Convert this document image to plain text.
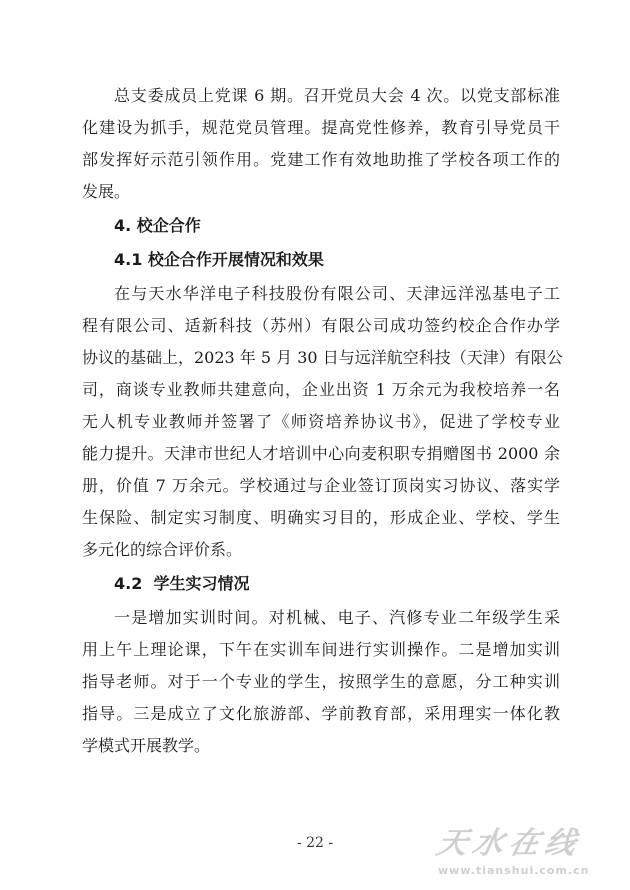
总支委成员上党课 6 期。召开党员大会 4 次。以党支部标准
化建设为抓手，规范党员管理。提高党性修养，教育引导党员干
部发挥好示范引领作用。党建工作有效地助推了学校各项工作的
发展。

4. 校企合作
4.1 校企合作开展情况和效果

在与天水华洋电子科技股份有限公司、天津远洋泓基电子工
程有限公司、适新科技（苏州）有限公司成功签约校企合作办学
协议的基础上，2023 年 5 月 30 日与远洋航空科技（天津）有限公
司，商谈专业教师共建意向，企业出资 1 万余元为我校培养一名
无人机专业教师并签署了《师资培养协议书》，促进了学校专业
能力提升。天津市世纪人才培训中心向麦积职专捐赠图书 2000 余
册，价值 7 万余元。学校通过与企业签订顶岗实习协议、落实学
生保险、制定实习制度、明确实习目的，形成企业、学校、学生
多元化的综合评价系。

4.2  学生实习情况

一是增加实训时间。对机械、电子、汽修专业二年级学生采
用上午上理论课，下午在实训车间进行实训操作。二是增加实训
指导老师。对于一个专业的学生，按照学生的意愿，分工种实训
指导。三是成立了文化旅游部、学前教育部，采用理实一体化教
学模式开展教学。

- 22 -	天水在线
www.tianshui.com.cn
